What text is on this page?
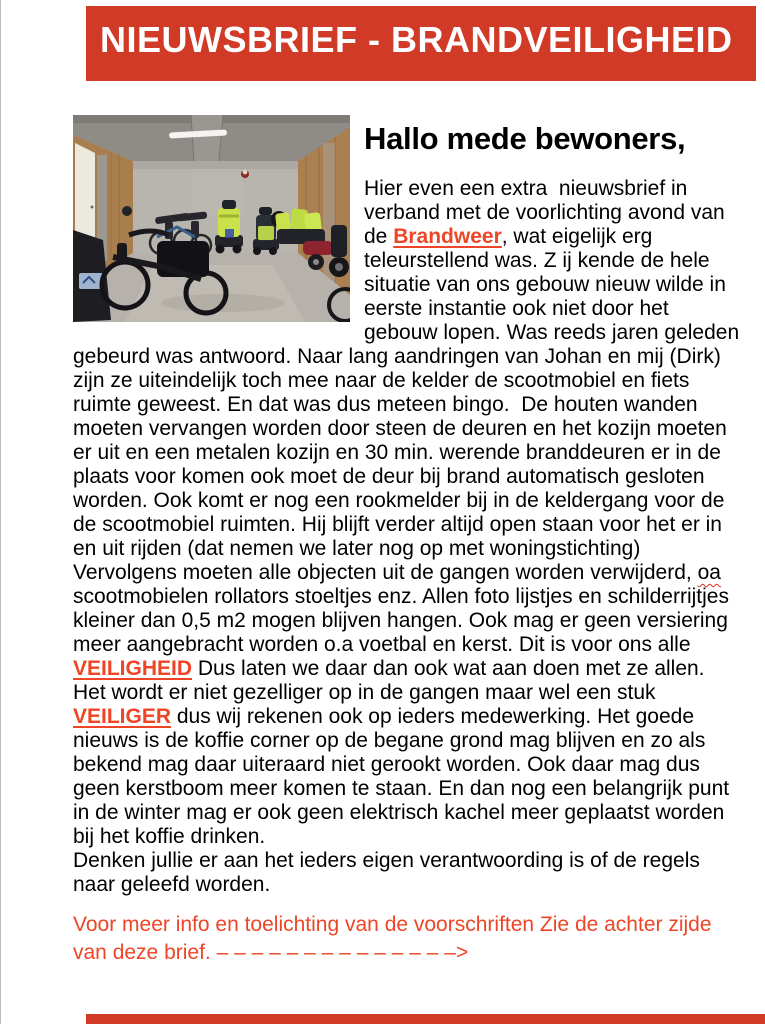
NIEUWSBRIEF - BRANDVEILIGHEID
Hallo mede bewoners,

Hier even een extra  nieuwsbrief in verband met de voorlichting avond van de Brandweer, wat eigelijk erg teleurstellend was. Z ij kende de hele situatie van ons gebouw nieuw wilde in eerste instantie ook niet door het gebouw lopen. Was reeds jaren geleden gebeurd was antwoord. Naar lang aandringen van Johan en mij (Dirk) zijn ze uiteindelijk toch mee naar de kelder de scootmobiel en fiets ruimte geweest. En dat was dus meteen bingo.  De houten wanden moeten vervangen worden door steen de deuren en het kozijn moeten er uit en een metalen kozijn en 30 min. werende branddeuren er in de plaats voor komen ook moet de deur bij brand automatisch gesloten worden. Ook komt er nog een rookmelder bij in de keldergang voor de de scootmobiel ruimten. Hij blijft verder altijd open staan voor het er in en uit rijden (dat nemen we later nog op met woningstichting) Vervolgens moeten alle objecten uit de gangen worden verwijderd, oa scootmobielen rollators stoeltjes enz. Allen foto lijstjes en schilderrijtjes kleiner dan 0,5 m2 mogen blijven hangen. Ook mag er geen versiering meer aangebracht worden o.a voetbal en kerst. Dit is voor ons alle VEILIGHEID Dus laten we daar dan ook wat aan doen met ze allen.  Het wordt er niet gezelliger op in de gangen maar wel een stuk VEILIGER dus wij rekenen ook op ieders medewerking. Het goede nieuws is de koffie corner op de begane grond mag blijven en zo als bekend mag daar uiteraard niet gerookt worden. Ook daar mag dus geen kerstboom meer komen te staan. En dan nog een belangrijk punt in de winter mag er ook geen elektrisch kachel meer geplaatst worden bij het koffie drinken.
Denken jullie er aan het ieders eigen verantwoording is of de regels naar geleefd worden.

Voor meer info en toelichting van de voorschriften Zie de achter zijde van deze brief. – – – – – – – – – – – – – –>
